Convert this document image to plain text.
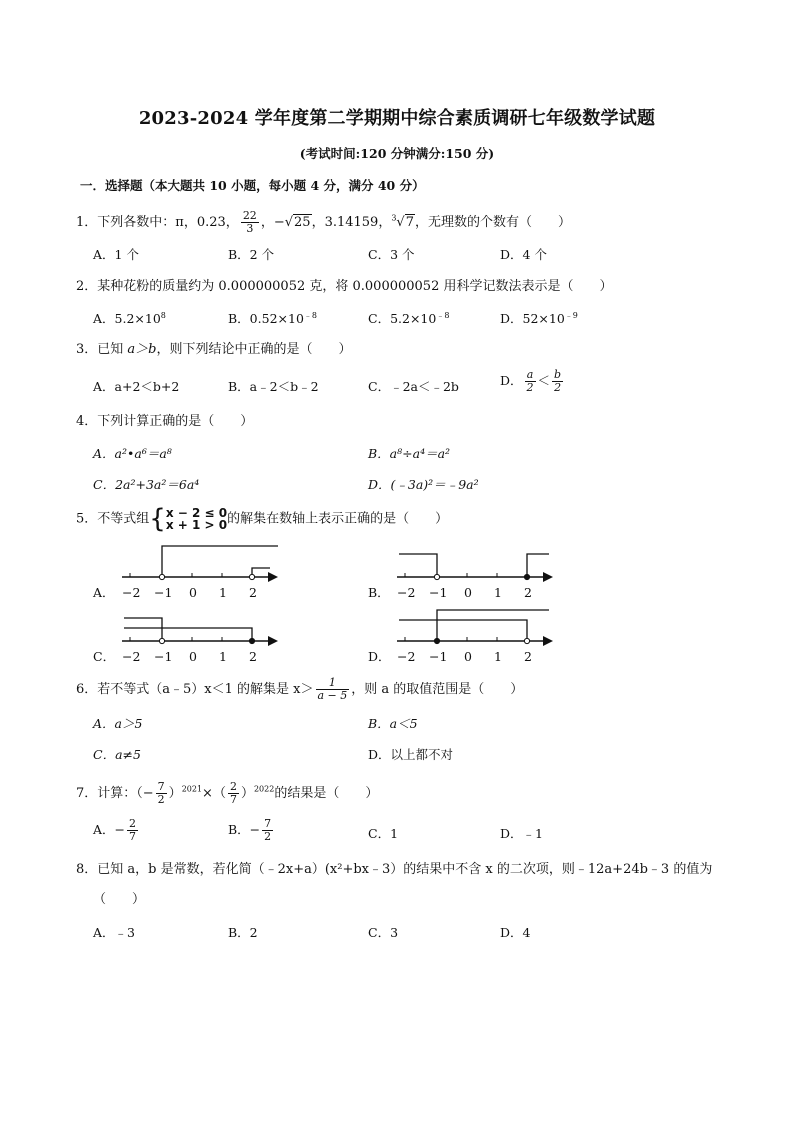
2023-2024 学年度第二学期期中综合素质调研七年级数学试题
(考试时间:120 分钟满分:150 分)
一．选择题（本大题共 10 小题，每小题 4 分，满分 40 分）
1．下列各数中：π，0.23， $\frac{22}{3}$ ，−√25，3.14159，$^3$√7，无理数的个数有（　　）
A．1 个	B．2 个	C．3 个	D．4 个
2．某种花粉的质量约为 0.000000052 克，将 0.000000052 用科学记数法表示是（　　）
A．$5.2\times 10^8$	B．$0.52\times 10^{﹣8}$	C．$5.2\times 10^{﹣8}$	D．$52\times 10^{﹣9}$
3．已知 a＞b，则下列结论中正确的是（　　）
A．a+2＜b+2	B．a﹣2＜b﹣2	C．﹣2a＜﹣2b	D． $\frac{a}{2} < \frac{b}{2}$
4．下列计算正确的是（　　）
A．a²•a⁶＝a⁸	B．a⁸÷a⁴＝a²
C．2a²+3a²＝6a⁴	D．(﹣3a)²＝﹣9a²
5．不等式组{ x − 2 ≤ 0
x + 1 > 0 的解集在数轴上表示正确的是（　　）
A． −2 −1 0 1 2	B． −2 −1 0 1 2
C． −2 −1 0 1 2	D． −2 −1 0 1 2
6．若不等式（a﹣5）x＜1 的解集是 $x> \frac{1}{a - 5}$ ，则 a 的取值范围是（　　）
A．a＞5	B．a＜5
C．a≠5	D．以上都不对
7．计算：（− $\frac{7}{2} )^{2021}\times( \frac{2}{7} )^{2022}$的结果是（　　）
A．− $\frac{2}{7}$	B．− $\frac{7}{2}$	C．1	D．﹣1
8．已知 a，b 是常数，若化简（﹣2x+a）(x²+bx﹣3）的结果中不含 x 的二次项，则﹣12a+24b﹣3 的值为
（　　）
A．﹣3	B．2	C．3	D．4
